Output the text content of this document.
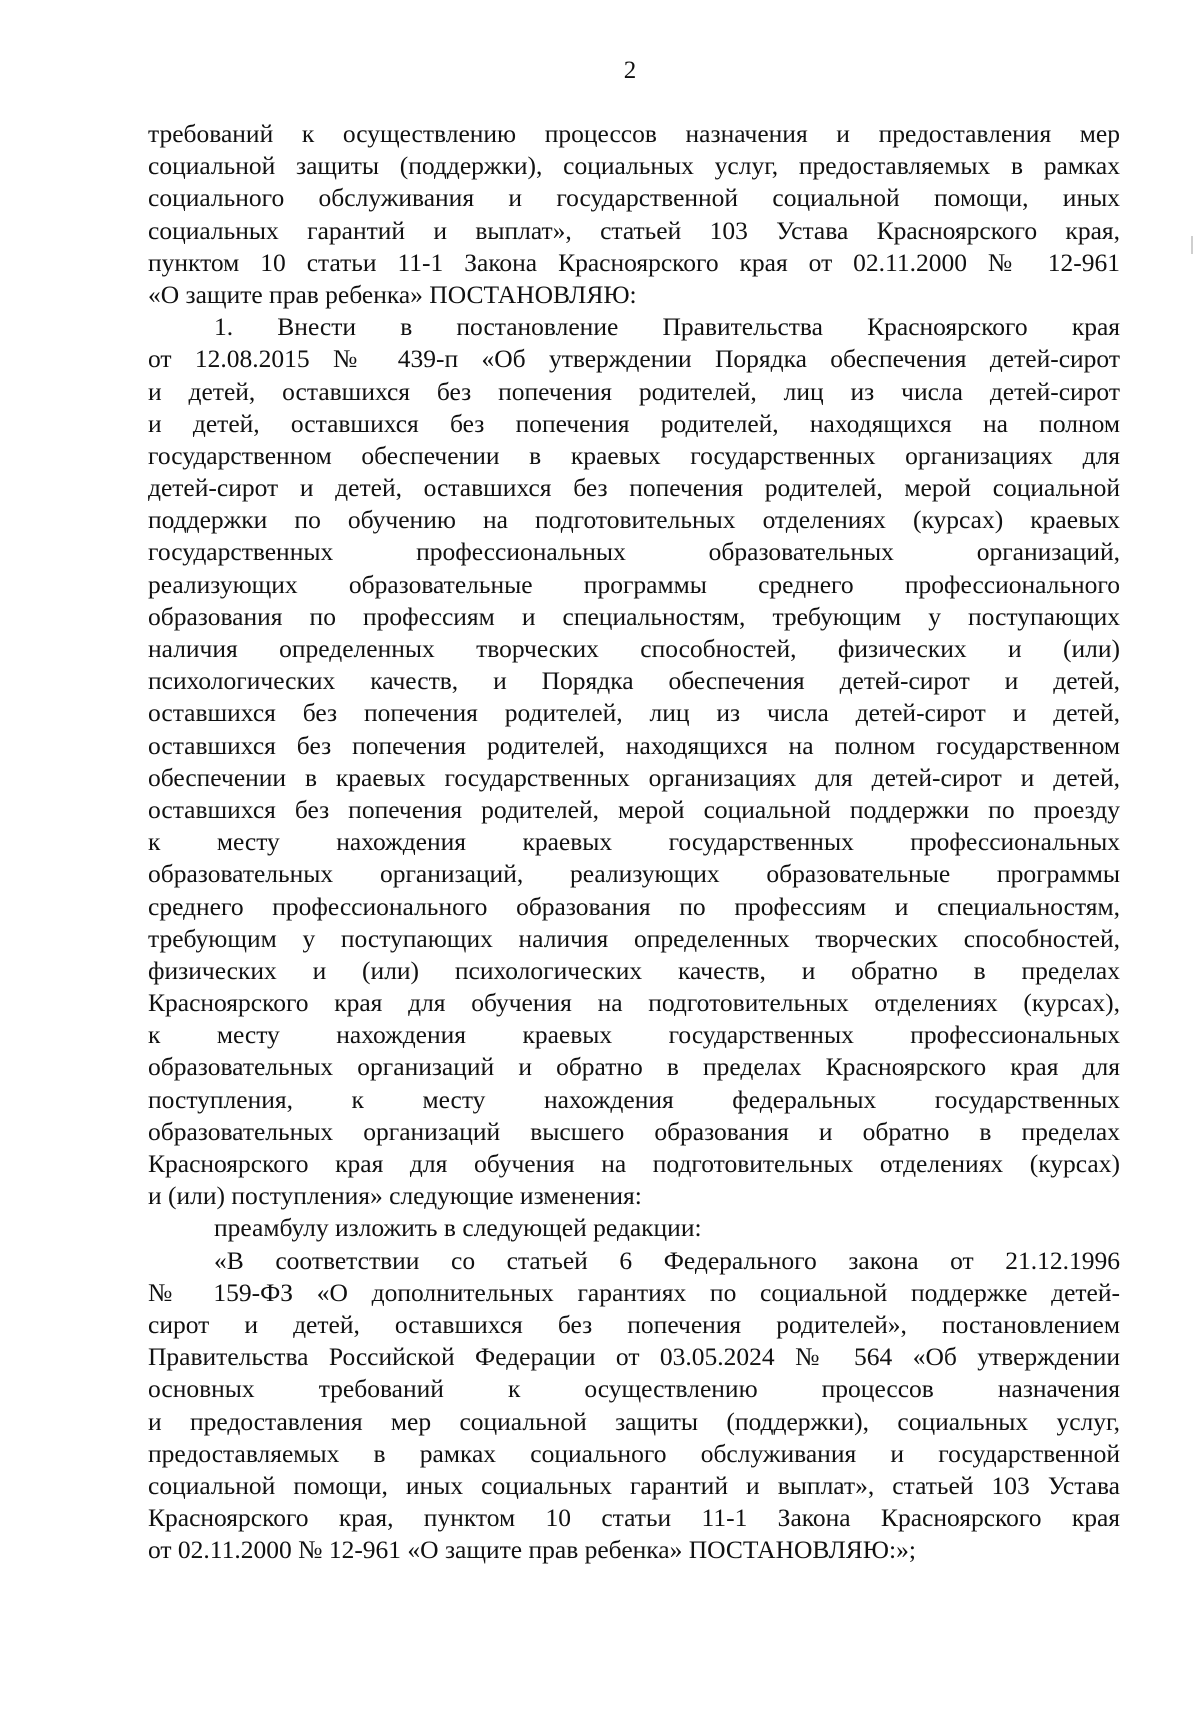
2
требований к осуществлению процессов назначения и предоставления мер
социальной защиты (поддержки), социальных услуг, предоставляемых в рамках
социального обслуживания и государственной социальной помощи, иных
социальных гарантий и выплат», статьей 103 Устава Красноярского края,
пунктом 10 статьи 11-1 Закона Красноярского края от 02.11.2000 № 12-961
«О защите прав ребенка» ПОСТАНОВЛЯЮ:
1. Внести в постановление Правительства Красноярского края
от 12.08.2015 № 439-п «Об утверждении Порядка обеспечения детей-сирот
и детей, оставшихся без попечения родителей, лиц из числа детей-сирот
и детей, оставшихся без попечения родителей, находящихся на полном
государственном обеспечении в краевых государственных организациях для
детей-сирот и детей, оставшихся без попечения родителей, мерой социальной
поддержки по обучению на подготовительных отделениях (курсах) краевых
государственных профессиональных образовательных организаций,
реализующих образовательные программы среднего профессионального
образования по профессиям и специальностям, требующим у поступающих
наличия определенных творческих способностей, физических и (или)
психологических качеств, и Порядка обеспечения детей-сирот и детей,
оставшихся без попечения родителей, лиц из числа детей-сирот и детей,
оставшихся без попечения родителей, находящихся на полном государственном
обеспечении в краевых государственных организациях для детей-сирот и детей,
оставшихся без попечения родителей, мерой социальной поддержки по проезду
к месту нахождения краевых государственных профессиональных
образовательных организаций, реализующих образовательные программы
среднего профессионального образования по профессиям и специальностям,
требующим у поступающих наличия определенных творческих способностей,
физических и (или) психологических качеств, и обратно в пределах
Красноярского края для обучения на подготовительных отделениях (курсах),
к месту нахождения краевых государственных профессиональных
образовательных организаций и обратно в пределах Красноярского края для
поступления, к месту нахождения федеральных государственных
образовательных организаций высшего образования и обратно в пределах
Красноярского края для обучения на подготовительных отделениях (курсах)
и (или) поступления» следующие изменения:
преамбулу изложить в следующей редакции:
«В соответствии со статьей 6 Федерального закона от 21.12.1996
№ 159-ФЗ «О дополнительных гарантиях по социальной поддержке детей-
сирот и детей, оставшихся без попечения родителей», постановлением
Правительства Российской Федерации от 03.05.2024 № 564 «Об утверждении
основных требований к осуществлению процессов назначения
и предоставления мер социальной защиты (поддержки), социальных услуг,
предоставляемых в рамках социального обслуживания и государственной
социальной помощи, иных социальных гарантий и выплат», статьей 103 Устава
Красноярского края, пунктом 10 статьи 11-1 Закона Красноярского края
от 02.11.2000 № 12-961 «О защите прав ребенка» ПОСТАНОВЛЯЮ:»;
